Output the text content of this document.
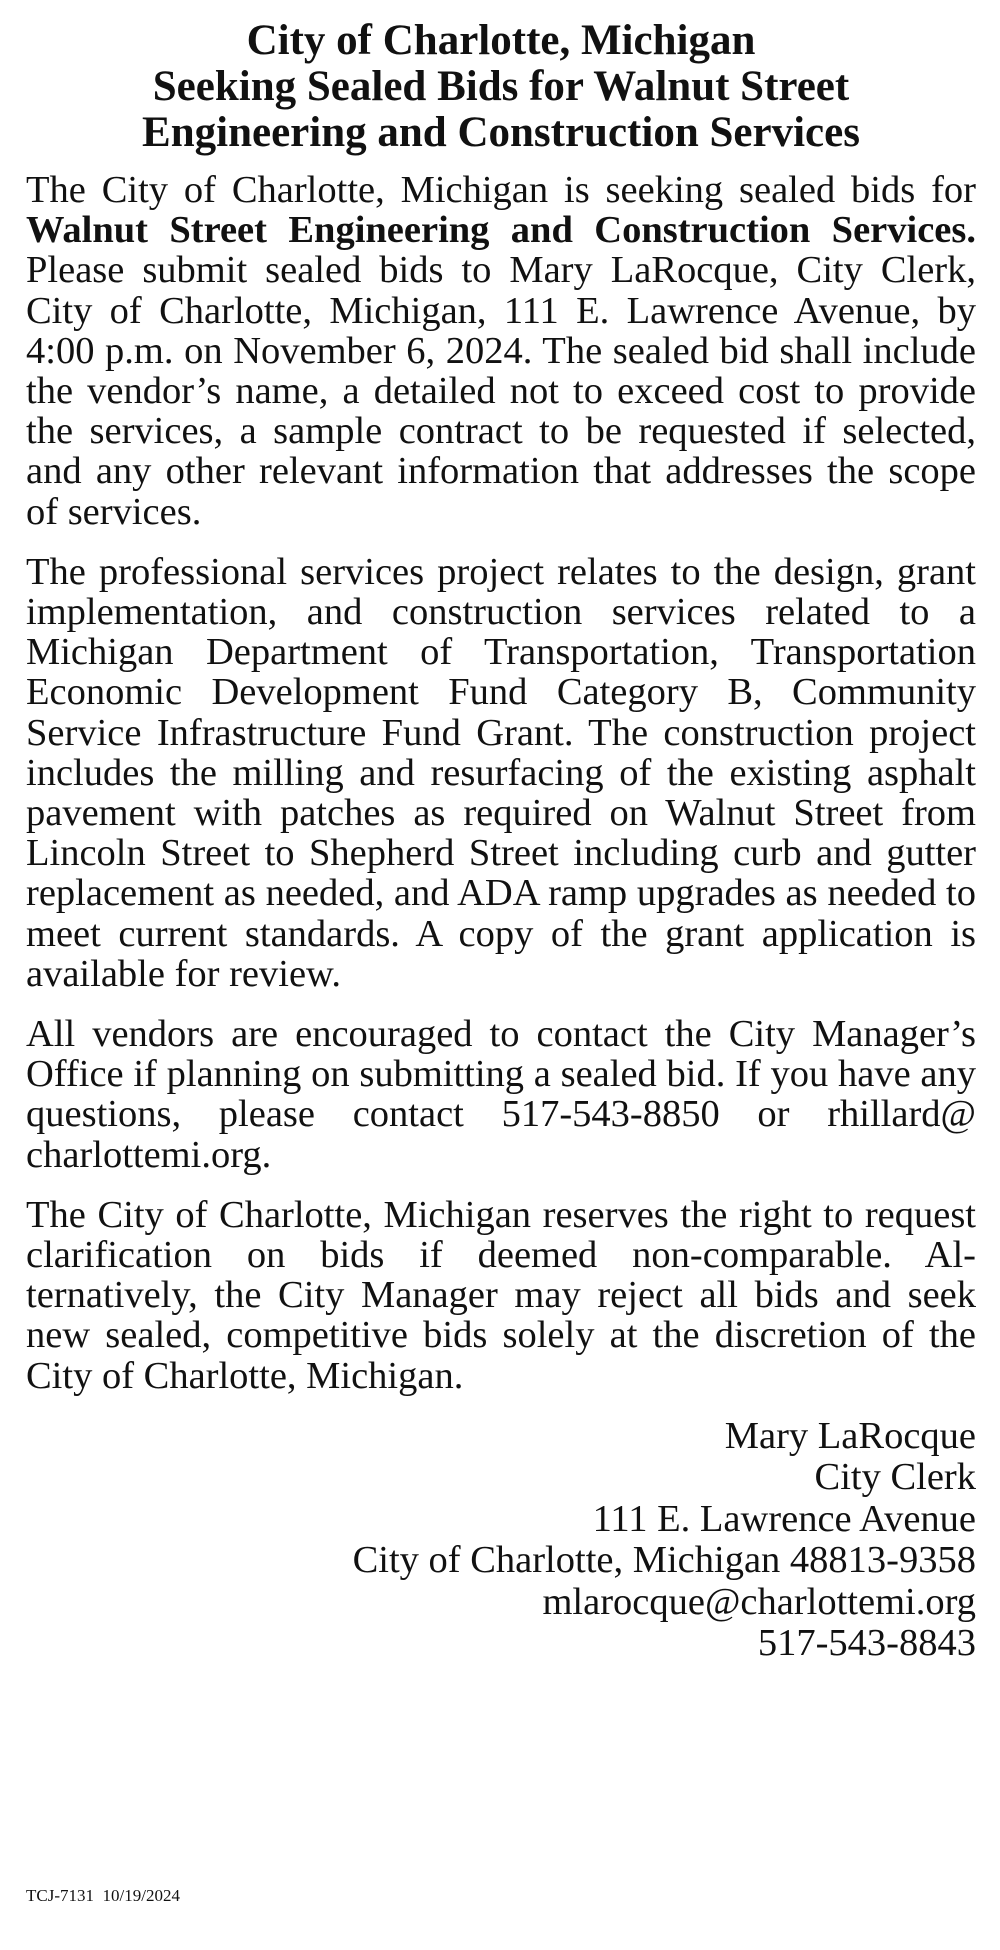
City of Charlotte, Michigan
Seeking Sealed Bids for Walnut Street
Engineering and Construction Services
The City of Charlotte, Michigan is seeking sealed bids for Walnut Street Engineering and Construction Services. Please submit sealed bids to Mary LaRocque, City Clerk, City of Charlotte, Michigan, 111 E. Lawrence Avenue, by 4:00 p.m. on November 6, 2024. The sealed bid shall include the vendor’s name, a detailed not to exceed cost to provide the services, a sample contract to be requested if selected, and any other relevant information that addresses the scope of services.
The professional services project relates to the design, grant implementation, and construction services related to a Michigan Department of Transportation, Transportation Economic Development Fund Category B, Community Service Infrastructure Fund Grant. The construction project includes the milling and resurfacing of the existing asphalt pavement with patches as required on Walnut Street from Lincoln Street to Shepherd Street including curb and gutter replacement as needed, and ADA ramp upgrades as needed to meet current standards. A copy of the grant application is available for review.
All vendors are encouraged to contact the City Manager’s Office if planning on submitting a sealed bid. If you have any questions, please contact 517-543-8850 or rhillard@ charlottemi.org.
The City of Charlotte, Michigan reserves the right to request clarification on bids if deemed non-comparable. Alternatively, the City Manager may reject all bids and seek new sealed, competitive bids solely at the discretion of the City of Charlotte, Michigan.
Mary LaRocque
City Clerk
111 E. Lawrence Avenue
City of Charlotte, Michigan 48813-9358
mlarocque@charlottemi.org
517-543-8843
TCJ-7131 10/19/2024
